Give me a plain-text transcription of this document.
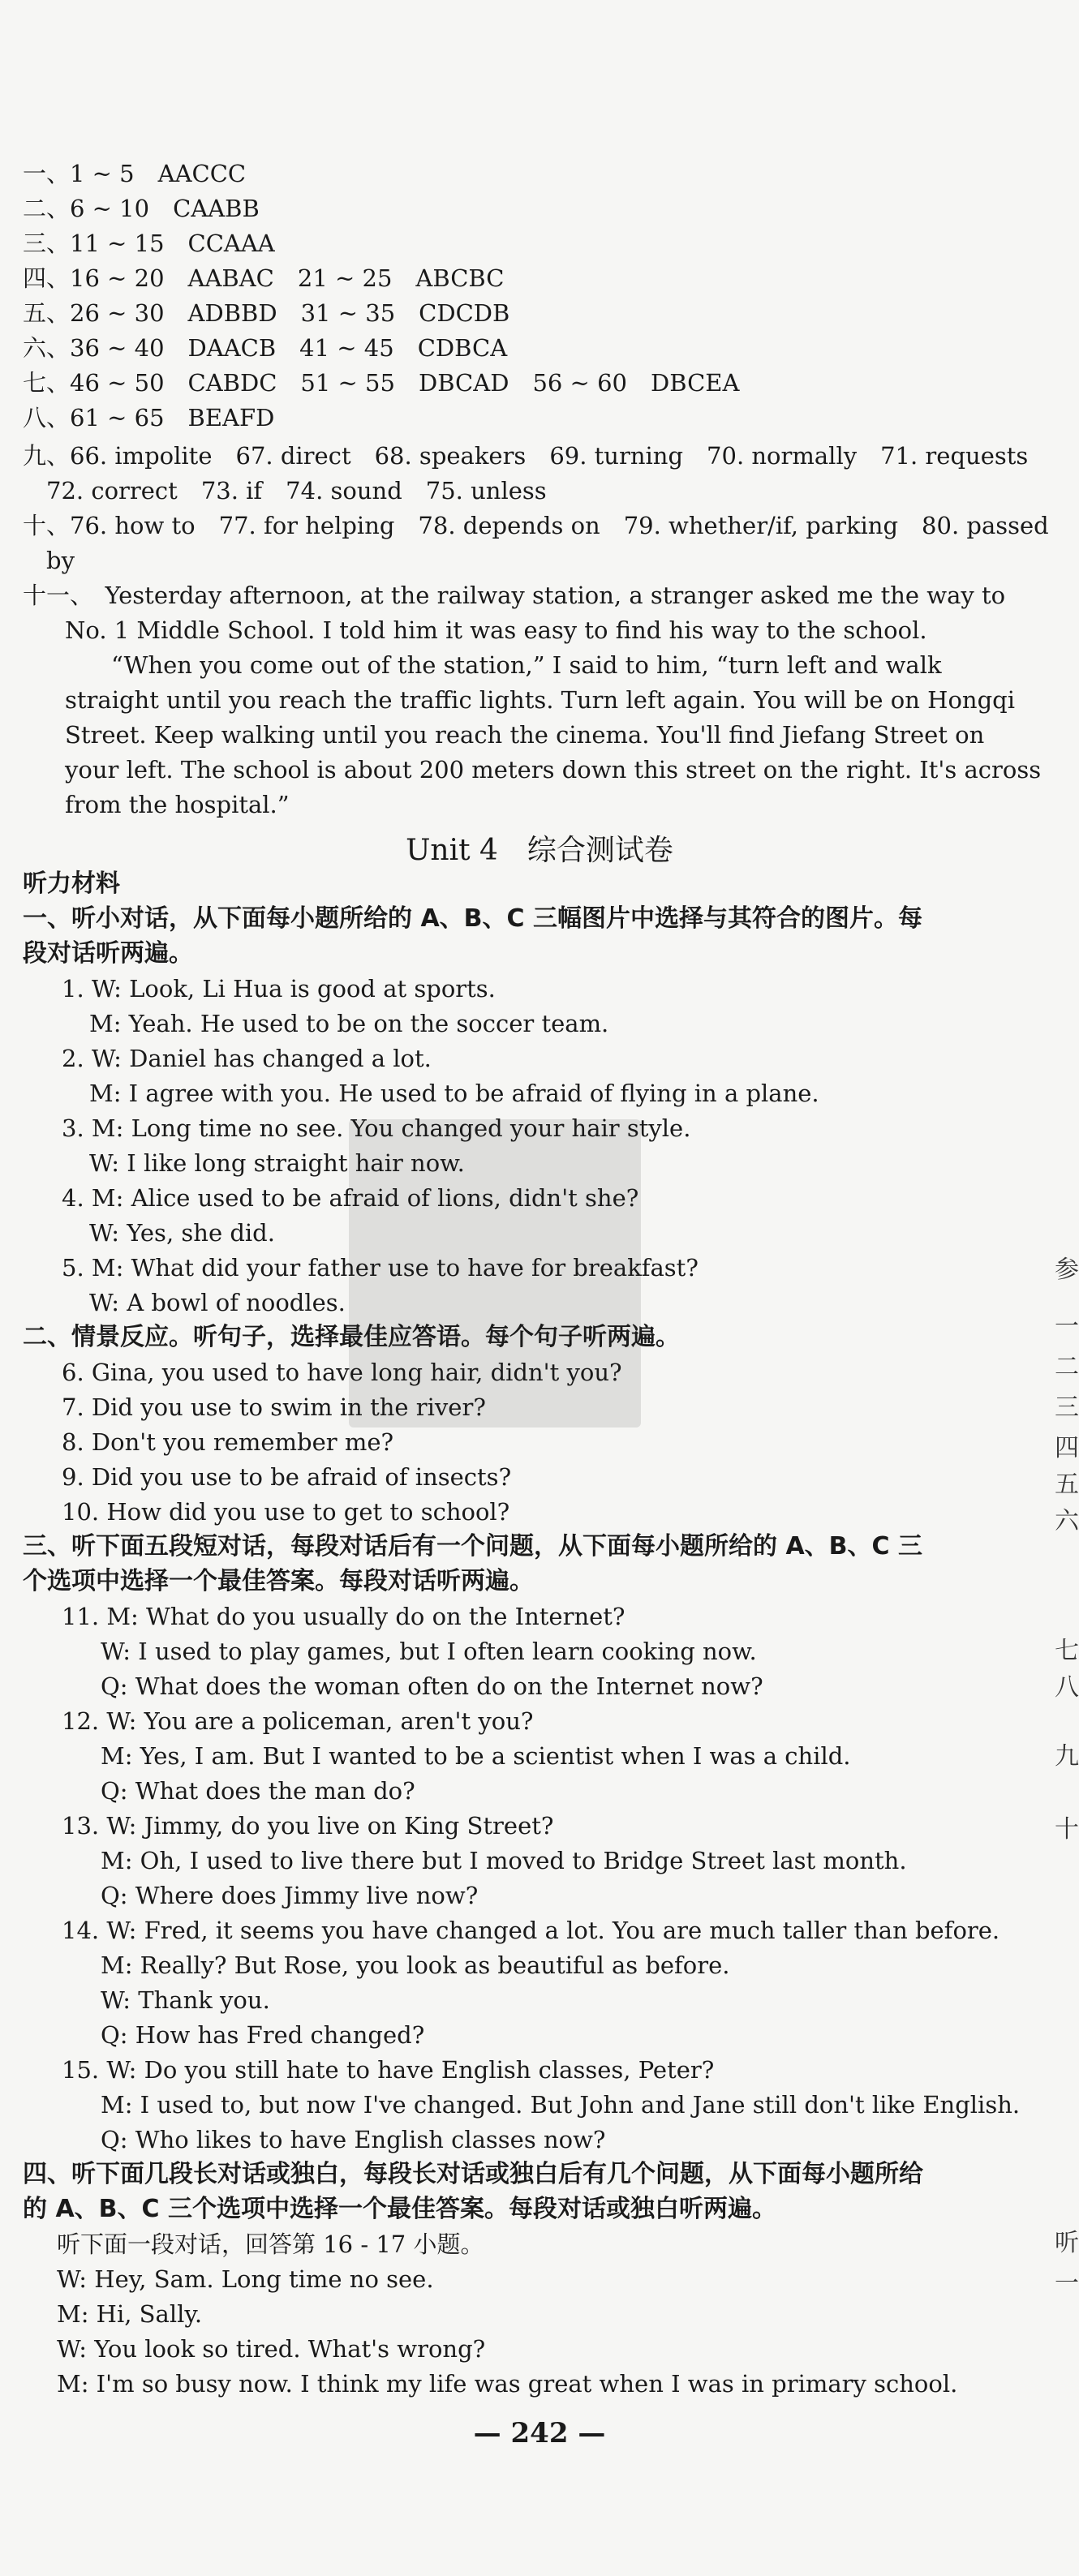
一、1 ~ 5　AACCC
二、6 ~ 10　CAABB
三、11 ~ 15　CCAAA
四、16 ~ 20　AABAC　21 ~ 25　ABCBC
五、26 ~ 30　ADBBD　31 ~ 35　CDCDB
六、36 ~ 40　DAACB　41 ~ 45　CDBCA
七、46 ~ 50　CABDC　51 ~ 55　DBCAD　56 ~ 60　DBCEA
八、61 ~ 65　BEAFD
九、66. impolite　67. direct　68. speakers　69. turning　70. normally　71. requests
　72. correct　73. if　74. sound　75. unless
十、76. how to　77. for helping　78. depends on　79. whether/if, parking　80. passed
　by
十一、　Yesterday afternoon, at the railway station, a stranger asked me the way to
No. 1 Middle School. I told him it was easy to find his way to the school.
　“When you come out of the station,” I said to him, “turn left and walk
straight until you reach the traffic lights. Turn left again. You will be on Hongqi
Street. Keep walking until you reach the cinema. You'll find Jiefang Street on
your left. The school is about 200 meters down this street on the right. It's across
from the hospital.”
Unit 4　综合测试卷
听力材料
一、听小对话，从下面每小题所给的 A、B、C 三幅图片中选择与其符合的图片。每
段对话听两遍。
1. W: Look, Li Hua is good at sports.
M: Yeah. He used to be on the soccer team.
2. W: Daniel has changed a lot.
M: I agree with you. He used to be afraid of flying in a plane.
3. M: Long time no see. You changed your hair style.
W: I like long straight hair now.
4. M: Alice used to be afraid of lions, didn't she?
W: Yes, she did.
5. M: What did your father use to have for breakfast?
W: A bowl of noodles.
二、情景反应。听句子，选择最佳应答语。每个句子听两遍。
6. Gina, you used to have long hair, didn't you?
7. Did you use to swim in the river?
8. Don't you remember me?
9. Did you use to be afraid of insects?
10. How did you use to get to school?
三、听下面五段短对话，每段对话后有一个问题，从下面每小题所给的 A、B、C 三
个选项中选择一个最佳答案。每段对话听两遍。
11. M: What do you usually do on the Internet?
W: I used to play games, but I often learn cooking now.
Q: What does the woman often do on the Internet now?
12. W: You are a policeman, aren't you?
M: Yes, I am. But I wanted to be a scientist when I was a child.
Q: What does the man do?
13. W: Jimmy, do you live on King Street?
M: Oh, I used to live there but I moved to Bridge Street last month.
Q: Where does Jimmy live now?
14. W: Fred, it seems you have changed a lot. You are much taller than before.
M: Really? But Rose, you look as beautiful as before.
W: Thank you.
Q: How has Fred changed?
15. W: Do you still hate to have English classes, Peter?
M: I used to, but now I've changed. But John and Jane still don't like English.
Q: Who likes to have English classes now?
四、听下面几段长对话或独白，每段长对话或独白后有几个问题，从下面每小题所给
的 A、B、C 三个选项中选择一个最佳答案。每段对话或独白听两遍。
听下面一段对话，回答第 16 - 17 小题。
W: Hey, Sam. Long time no see.
M: Hi, Sally.
W: You look so tired. What's wrong?
M: I'm so busy now. I think my life was great when I was in primary school.
— 242 —
参
一
二
三
四
五
六
七
八
九
十
听
一
